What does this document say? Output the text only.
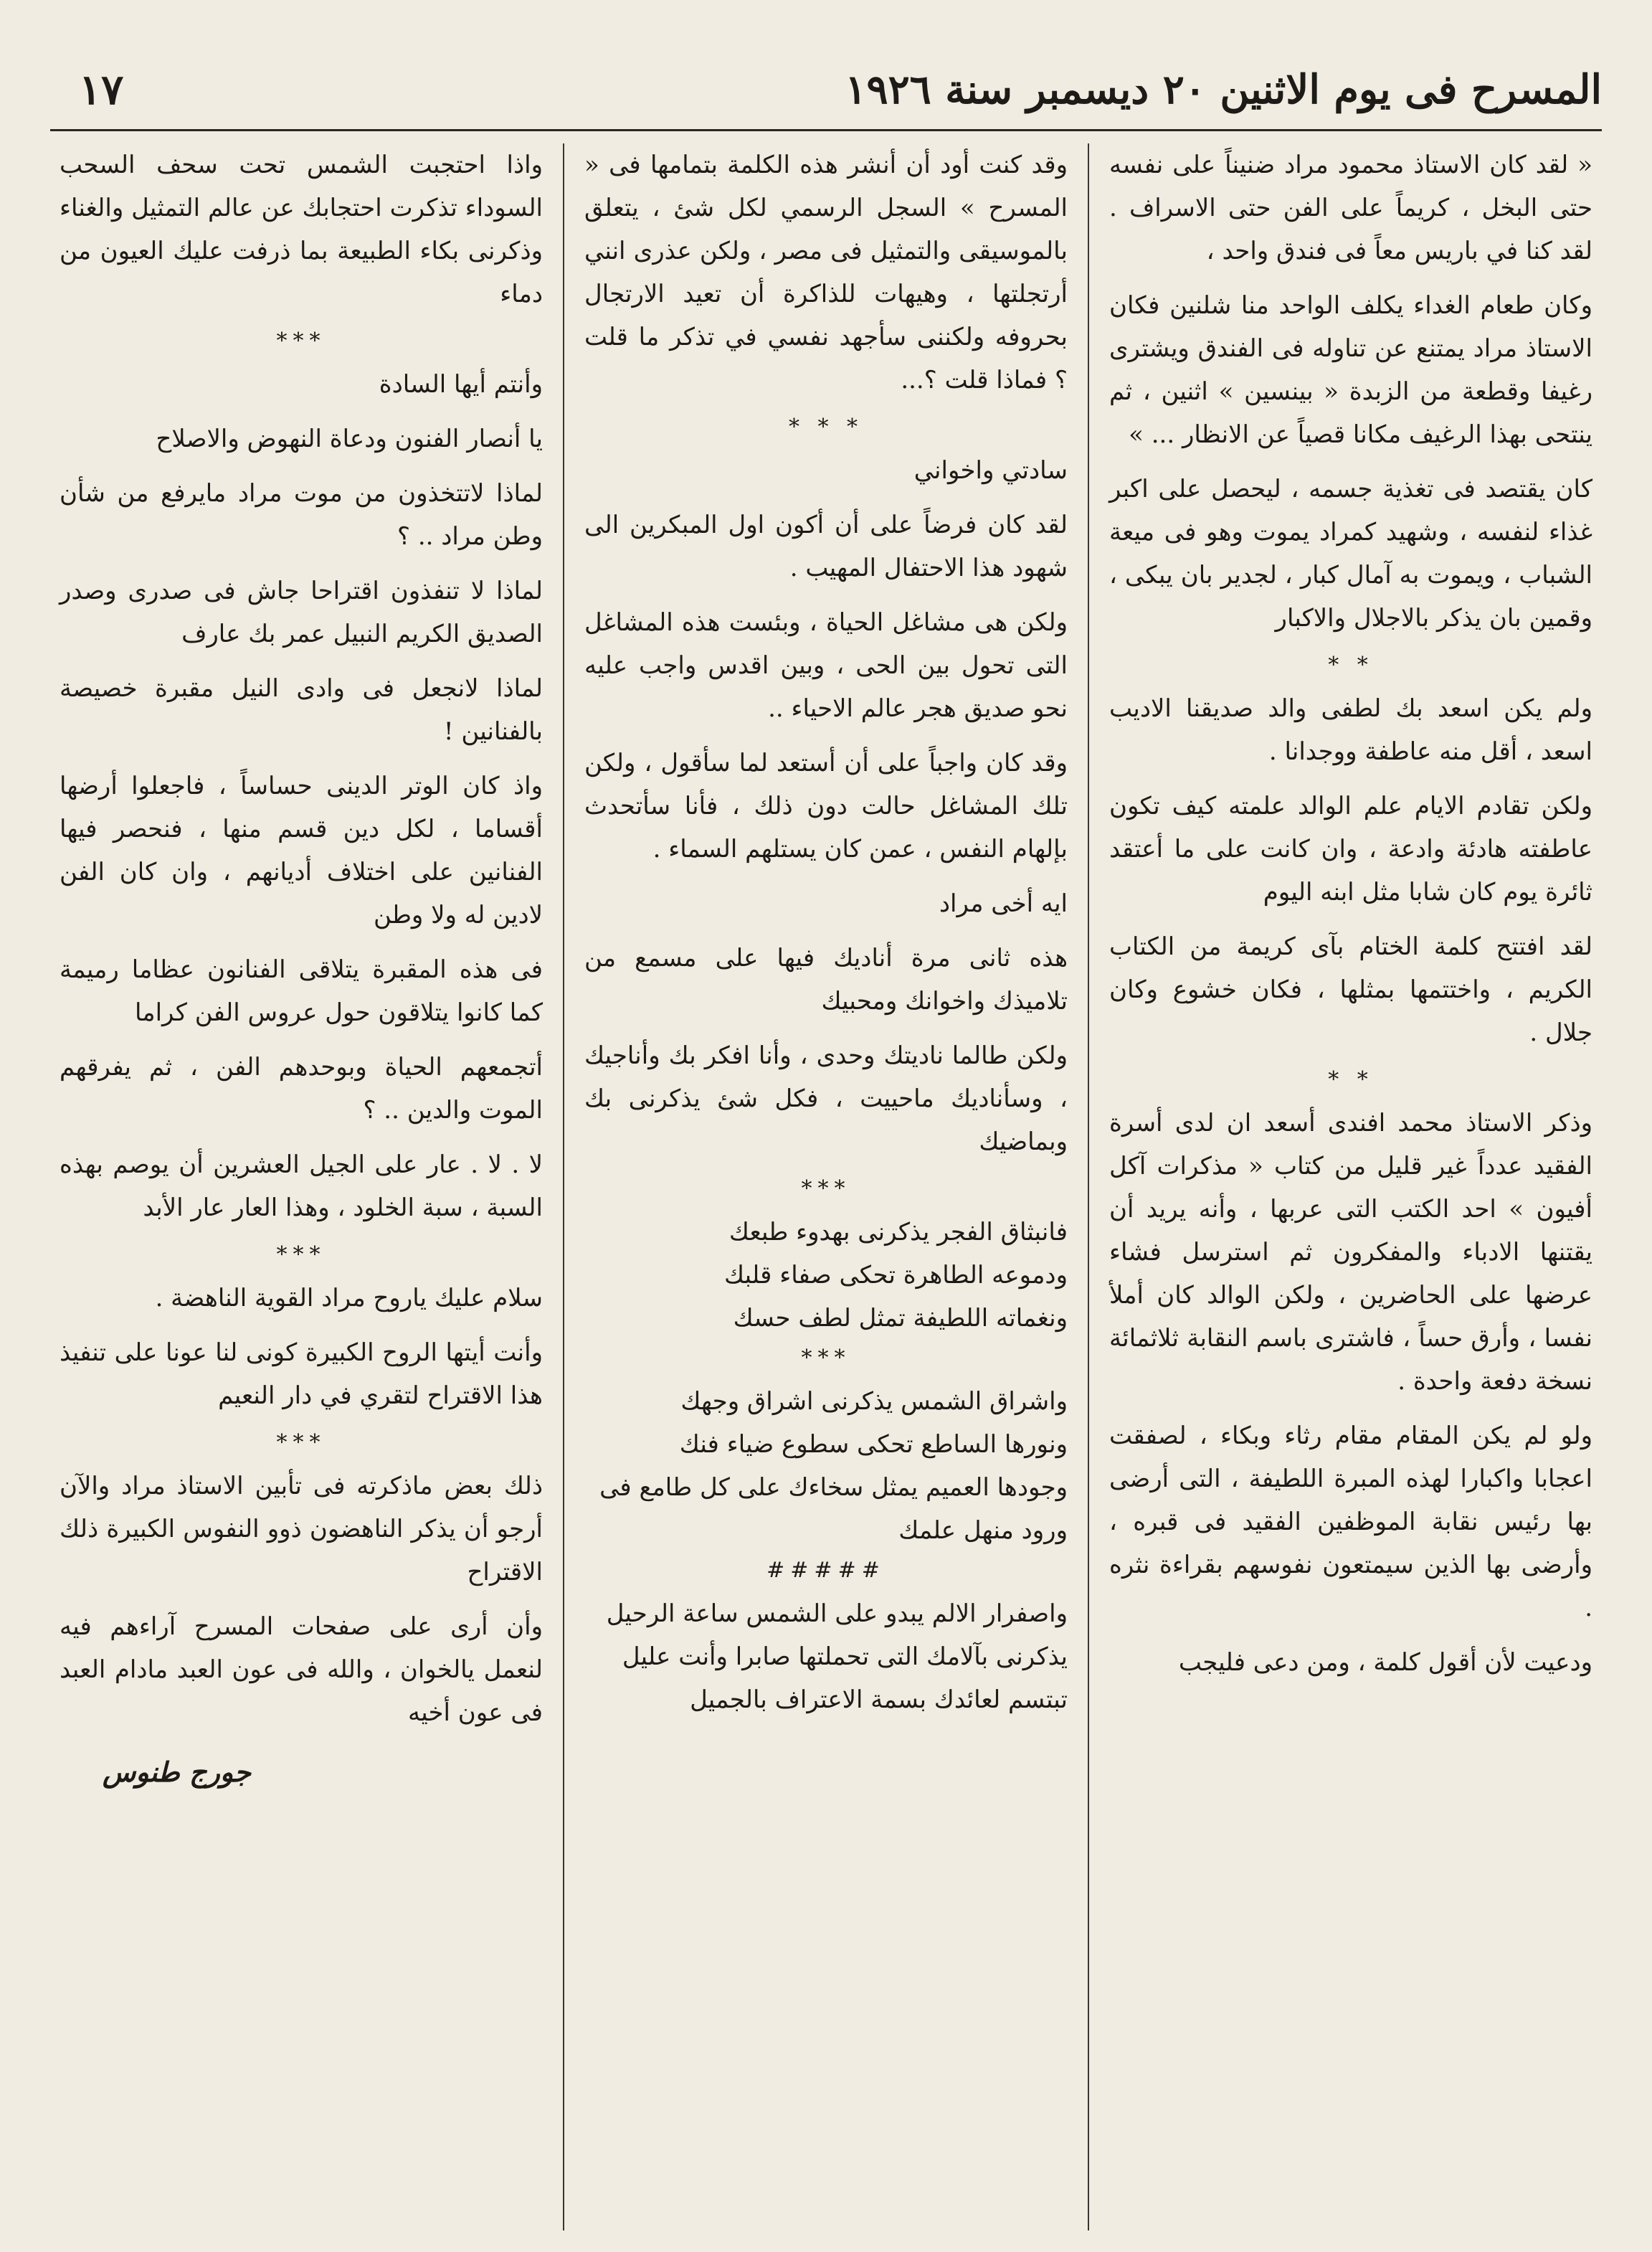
المسرح فى يوم الاثنين ٢٠ ديسمبر سنة ١٩٢٦
١٧

« لقد كان الاستاذ محمود مراد ضنيناً على نفسه حتى البخل ، كريماً على الفن حتى الاسراف . لقد كنا في باريس معاً فى فندق واحد ،

وكان طعام الغداء يكلف الواحد منا شلنين فكان الاستاذ مراد يمتنع عن تناوله فى الفندق ويشترى رغيفا وقطعة من الزبدة « بينسين » اثنين ، ثم ينتحى بهذا الرغيف مكانا قصياً عن الانظار ... »

كان يقتصد فى تغذية جسمه ، ليحصل على اكبر غذاء لنفسه ، وشهيد كمراد يموت وهو فى ميعة الشباب ، ويموت به آمال كبار ، لجدير بان يبكى ، وقمين بان يذكر بالاجلال والاكبار

* *

ولم يكن اسعد بك لطفى والد صديقنا الاديب اسعد ، أقل منه عاطفة ووجدانا .

ولكن تقادم الايام علم الوالد علمته كيف تكون عاطفته هادئة وادعة ، وان كانت على ما أعتقد ثائرة يوم كان شابا مثل ابنه اليوم

لقد افتتح كلمة الختام بآى كريمة من الكتاب الكريم ، واختتمها بمثلها ، فكان خشوع وكان جلال .

* *

وذكر الاستاذ محمد افندى أسعد ان لدى أسرة الفقيد عدداً غير قليل من كتاب « مذكرات آكل أفيون » احد الكتب التى عربها ، وأنه يريد أن يقتنها الادباء والمفكرون ثم استرسل فشاء عرضها على الحاضرين ، ولكن الوالد كان أملأ نفسا ، وأرق حساً ، فاشترى باسم النقابة ثلاثمائة نسخة دفعة واحدة .

ولو لم يكن المقام مقام رثاء وبكاء ، لصفقت اعجابا واكبارا لهذه المبرة اللطيفة ، التى أرضى بها رئيس نقابة الموظفين الفقيد فى قبره ، وأرضى بها الذين سيمتعون نفوسهم بقراءة نثره .

ودعيت لأن أقول كلمة ، ومن دعى فليجب

وقد كنت أود أن أنشر هذه الكلمة بتمامها فى « المسرح » السجل الرسمي لكل شئ ، يتعلق بالموسيقى والتمثيل فى مصر ، ولكن عذرى انني أرتجلتها ، وهيهات للذاكرة أن تعيد الارتجال بحروفه ولكننى سأجهد نفسي في تذكر ما قلت ؟ فماذا قلت ؟...

* * *

سادتي واخواني

لقد كان فرضاً على أن أكون اول المبكرين الى شهود هذا الاحتفال المهيب .

ولكن هى مشاغل الحياة ، وبئست هذه المشاغل التى تحول بين الحى ، وبين اقدس واجب عليه نحو صديق هجر عالم الاحياء ..

وقد كان واجباً على أن أستعد لما سأقول ، ولكن تلك المشاغل حالت دون ذلك ، فأنا سأتحدث بإلهام النفس ، عمن كان يستلهم السماء .

ايه أخى مراد

هذه ثانى مرة أناديك فيها على مسمع من تلاميذك واخوانك ومحبيك

ولكن طالما ناديتك وحدى ، وأنا افكر بك وأناجيك ، وسأناديك ماحييت ، فكل شئ يذكرنى بك وبماضيك

***

فانبثاق الفجر يذكرنى بهدوء طبعك

ودموعه الطاهرة تحكى صفاء قلبك

ونغماته اللطيفة تمثل لطف حسك

***

واشراق الشمس يذكرنى اشراق وجهك

ونورها الساطع تحكى سطوع ضياء فنك

وجودها العميم يمثل سخاءك على كل طامع فى ورود منهل علمك

#####

واصفرار الالم يبدو على الشمس ساعة الرحيل يذكرنى بآلامك التى تحملتها صابرا وأنت عليل تبتسم لعائدك بسمة الاعتراف بالجميل

واذا احتجبت الشمس تحت سحف السحب السوداء تذكرت احتجابك عن عالم التمثيل والغناء وذكرنى بكاء الطبيعة بما ذرفت عليك العيون من دماء

***

وأنتم أيها السادة

يا أنصار الفنون ودعاة النهوض والاصلاح

لماذا لاتتخذون من موت مراد مايرفع من شأن وطن مراد .. ؟

لماذا لا تنفذون اقتراحا جاش فى صدرى وصدر الصديق الكريم النبيل عمر بك عارف

لماذا لانجعل فى وادى النيل مقبرة خصيصة بالفنانين !

واذ كان الوتر الدينى حساساً ، فاجعلوا أرضها أقساما ، لكل دين قسم منها ، فنحصر فيها الفنانين على اختلاف أديانهم ، وان كان الفن لادين له ولا وطن

فى هذه المقبرة يتلاقى الفنانون عظاما رميمة كما كانوا يتلاقون حول عروس الفن كراما

أتجمعهم الحياة وبوحدهم الفن ، ثم يفرقهم الموت والدين .. ؟

لا . لا . عار على الجيل العشرين أن يوصم بهذه السبة ، سبة الخلود ، وهذا العار عار الأبد

***

سلام عليك ياروح مراد القوية الناهضة .

وأنت أيتها الروح الكبيرة كونى لنا عونا على تنفيذ هذا الاقتراح لتقري في دار النعيم

***

ذلك بعض ماذكرته فى تأبين الاستاذ مراد والآن أرجو أن يذكر الناهضون ذوو النفوس الكبيرة ذلك الاقتراح

وأن أرى على صفحات المسرح آراءهم فيه لنعمل يالخوان ، والله فى عون العبد مادام العبد فى عون أخيه

جورج طنوس
